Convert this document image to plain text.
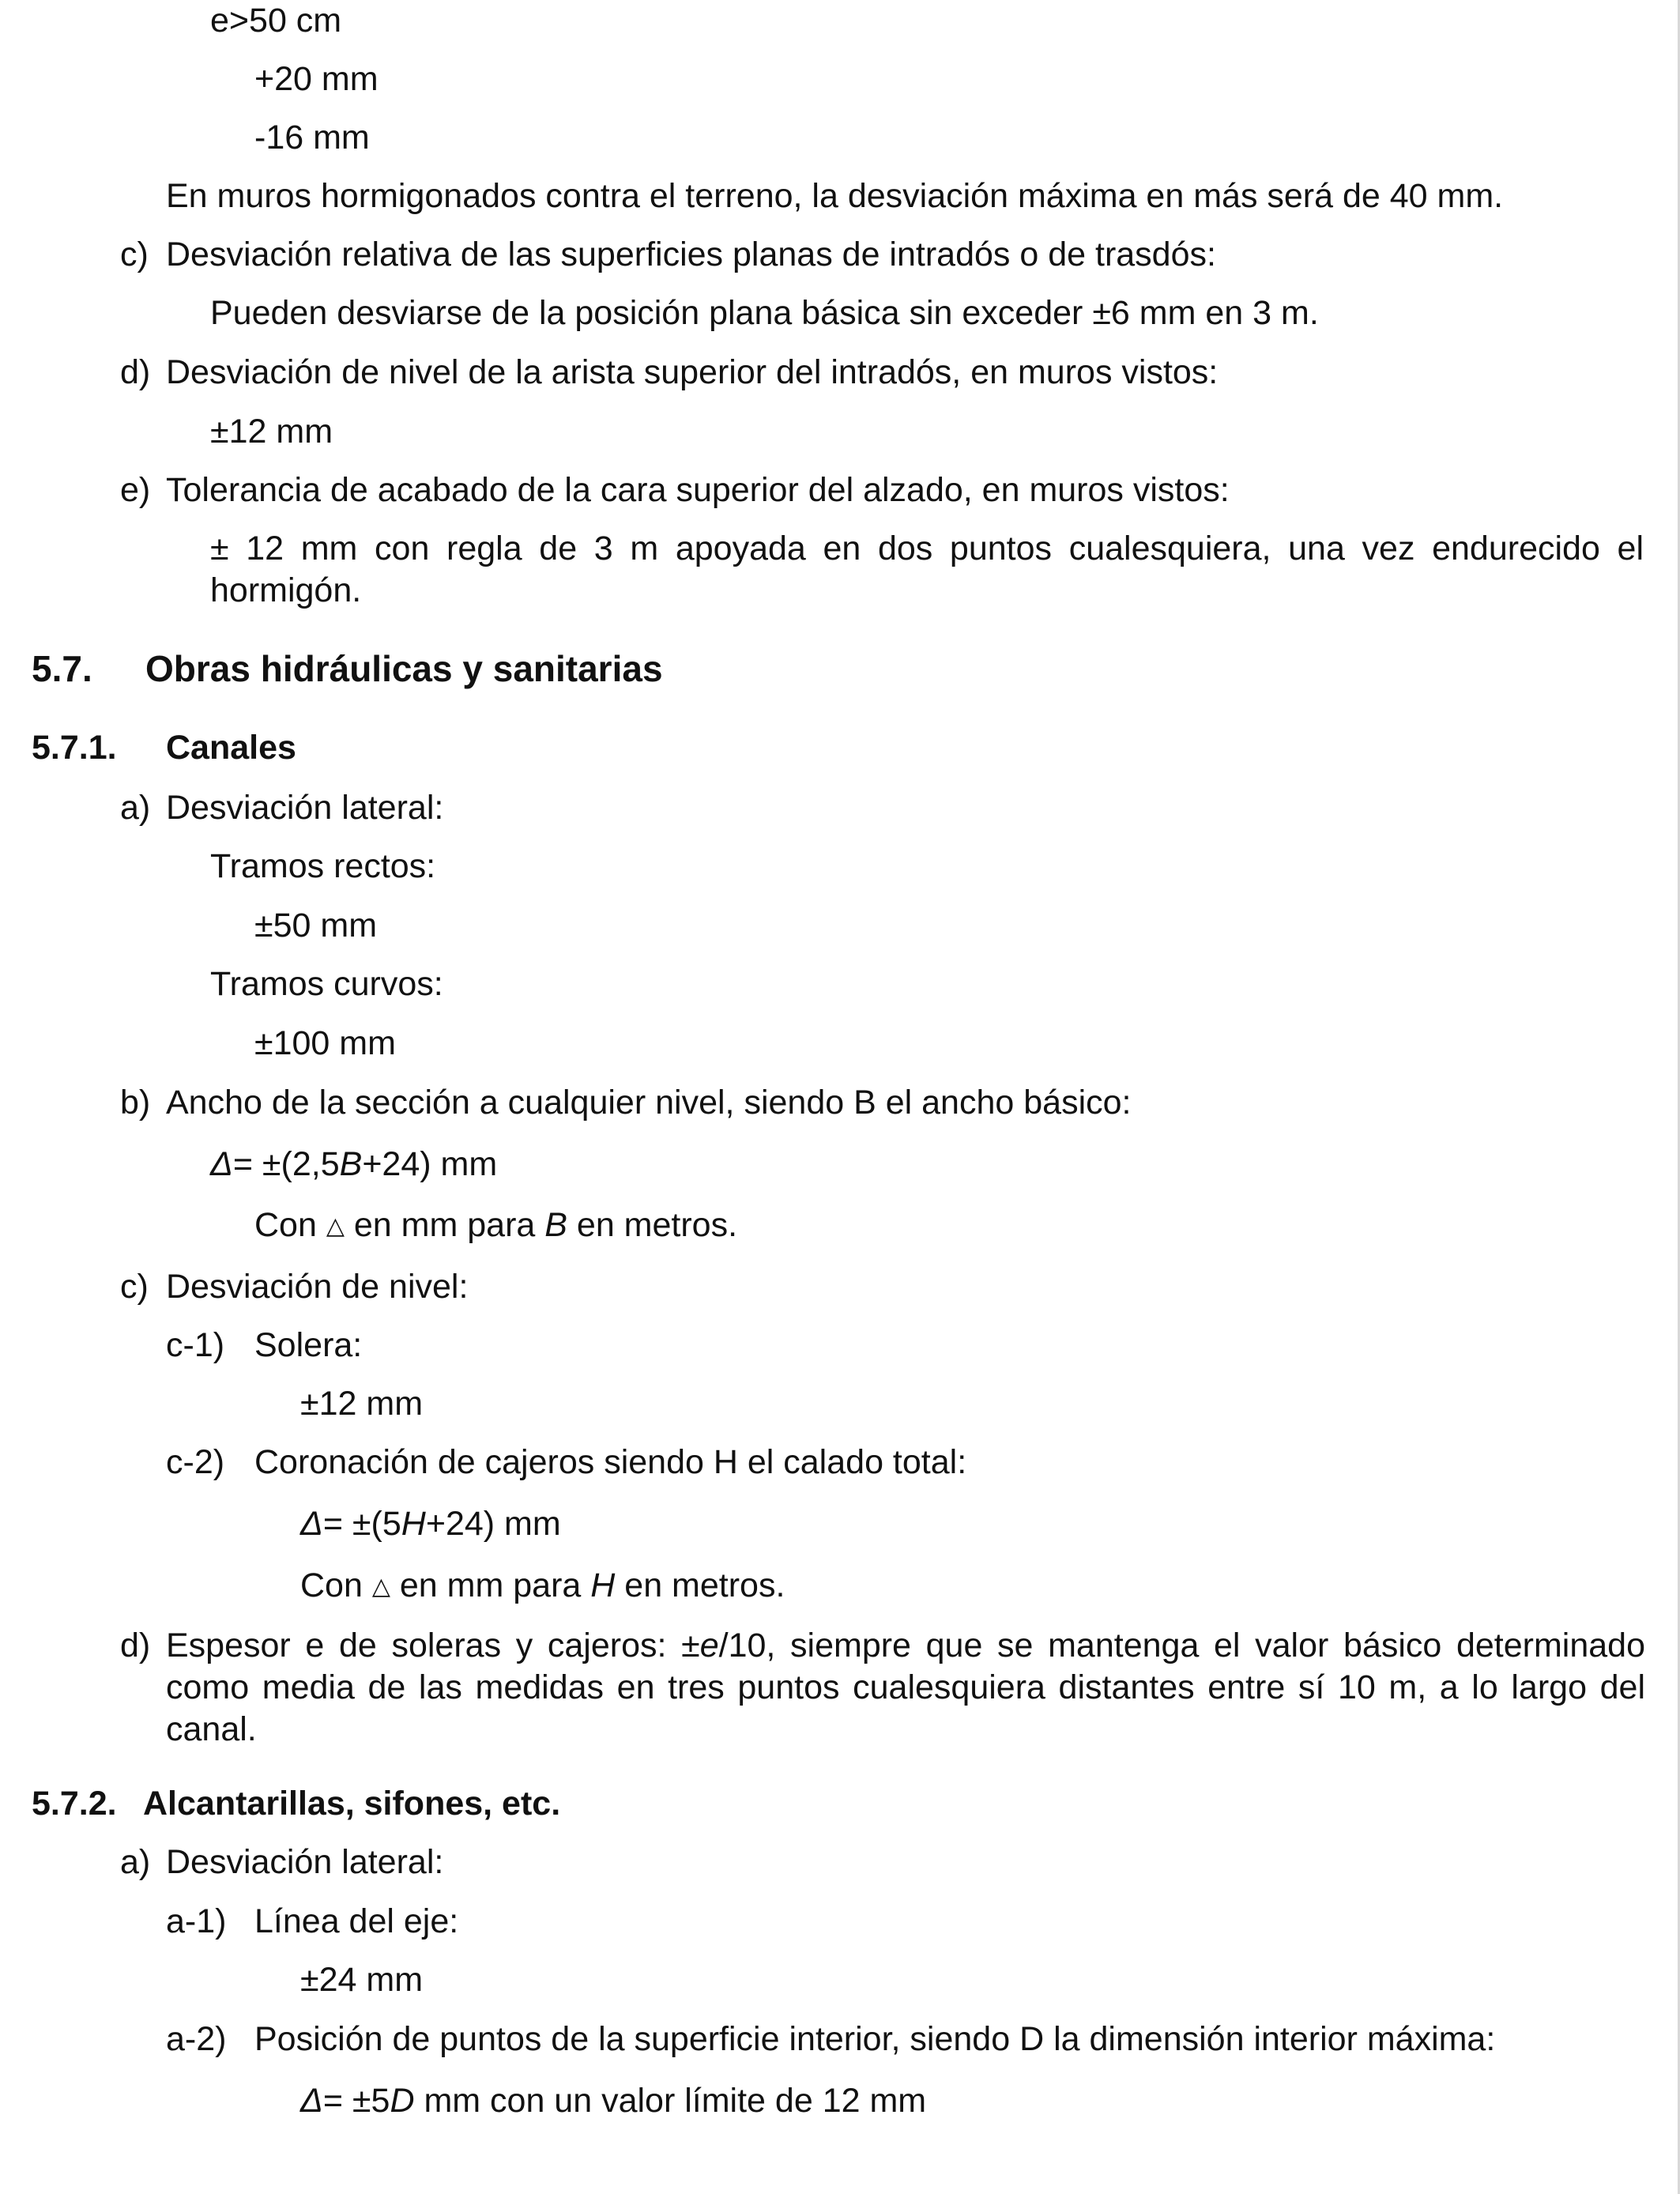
e>50 cm
+20 mm
-16 mm
En muros hormigonados contra el terreno, la desviación máxima en más será de 40 mm.
c) Desviación relativa de las superficies planas de intradós o de trasdós:
Pueden desviarse de la posición plana básica sin exceder ±6 mm en 3 m.
d) Desviación de nivel de la arista superior del intradós, en muros vistos:
±12 mm
e) Tolerancia de acabado de la cara superior del alzado, en muros vistos:
± 12 mm con regla de 3 m apoyada en dos puntos cualesquiera, una vez endurecido el hormigón.
5.7. Obras hidráulicas y sanitarias
5.7.1. Canales
a) Desviación lateral:
Tramos rectos:
±50 mm
Tramos curvos:
±100 mm
b) Ancho de la sección a cualquier nivel, siendo B el ancho básico:
Δ= ±(2,5B+24) mm
Con △ en mm para B en metros.
c) Desviación de nivel:
c-1) Solera:
±12 mm
c-2) Coronación de cajeros siendo H el calado total:
Δ= ±(5H+24) mm
Con △ en mm para H en metros.
d) Espesor e de soleras y cajeros: ±e/10, siempre que se mantenga el valor básico determinado como media de las medidas en tres puntos cualesquiera distantes entre sí 10 m, a lo largo del canal.
5.7.2. Alcantarillas, sifones, etc.
a) Desviación lateral:
a-1) Línea del eje:
±24 mm
a-2) Posición de puntos de la superficie interior, siendo D la dimensión interior máxima:
Δ= ±5D mm con un valor límite de 12 mm
